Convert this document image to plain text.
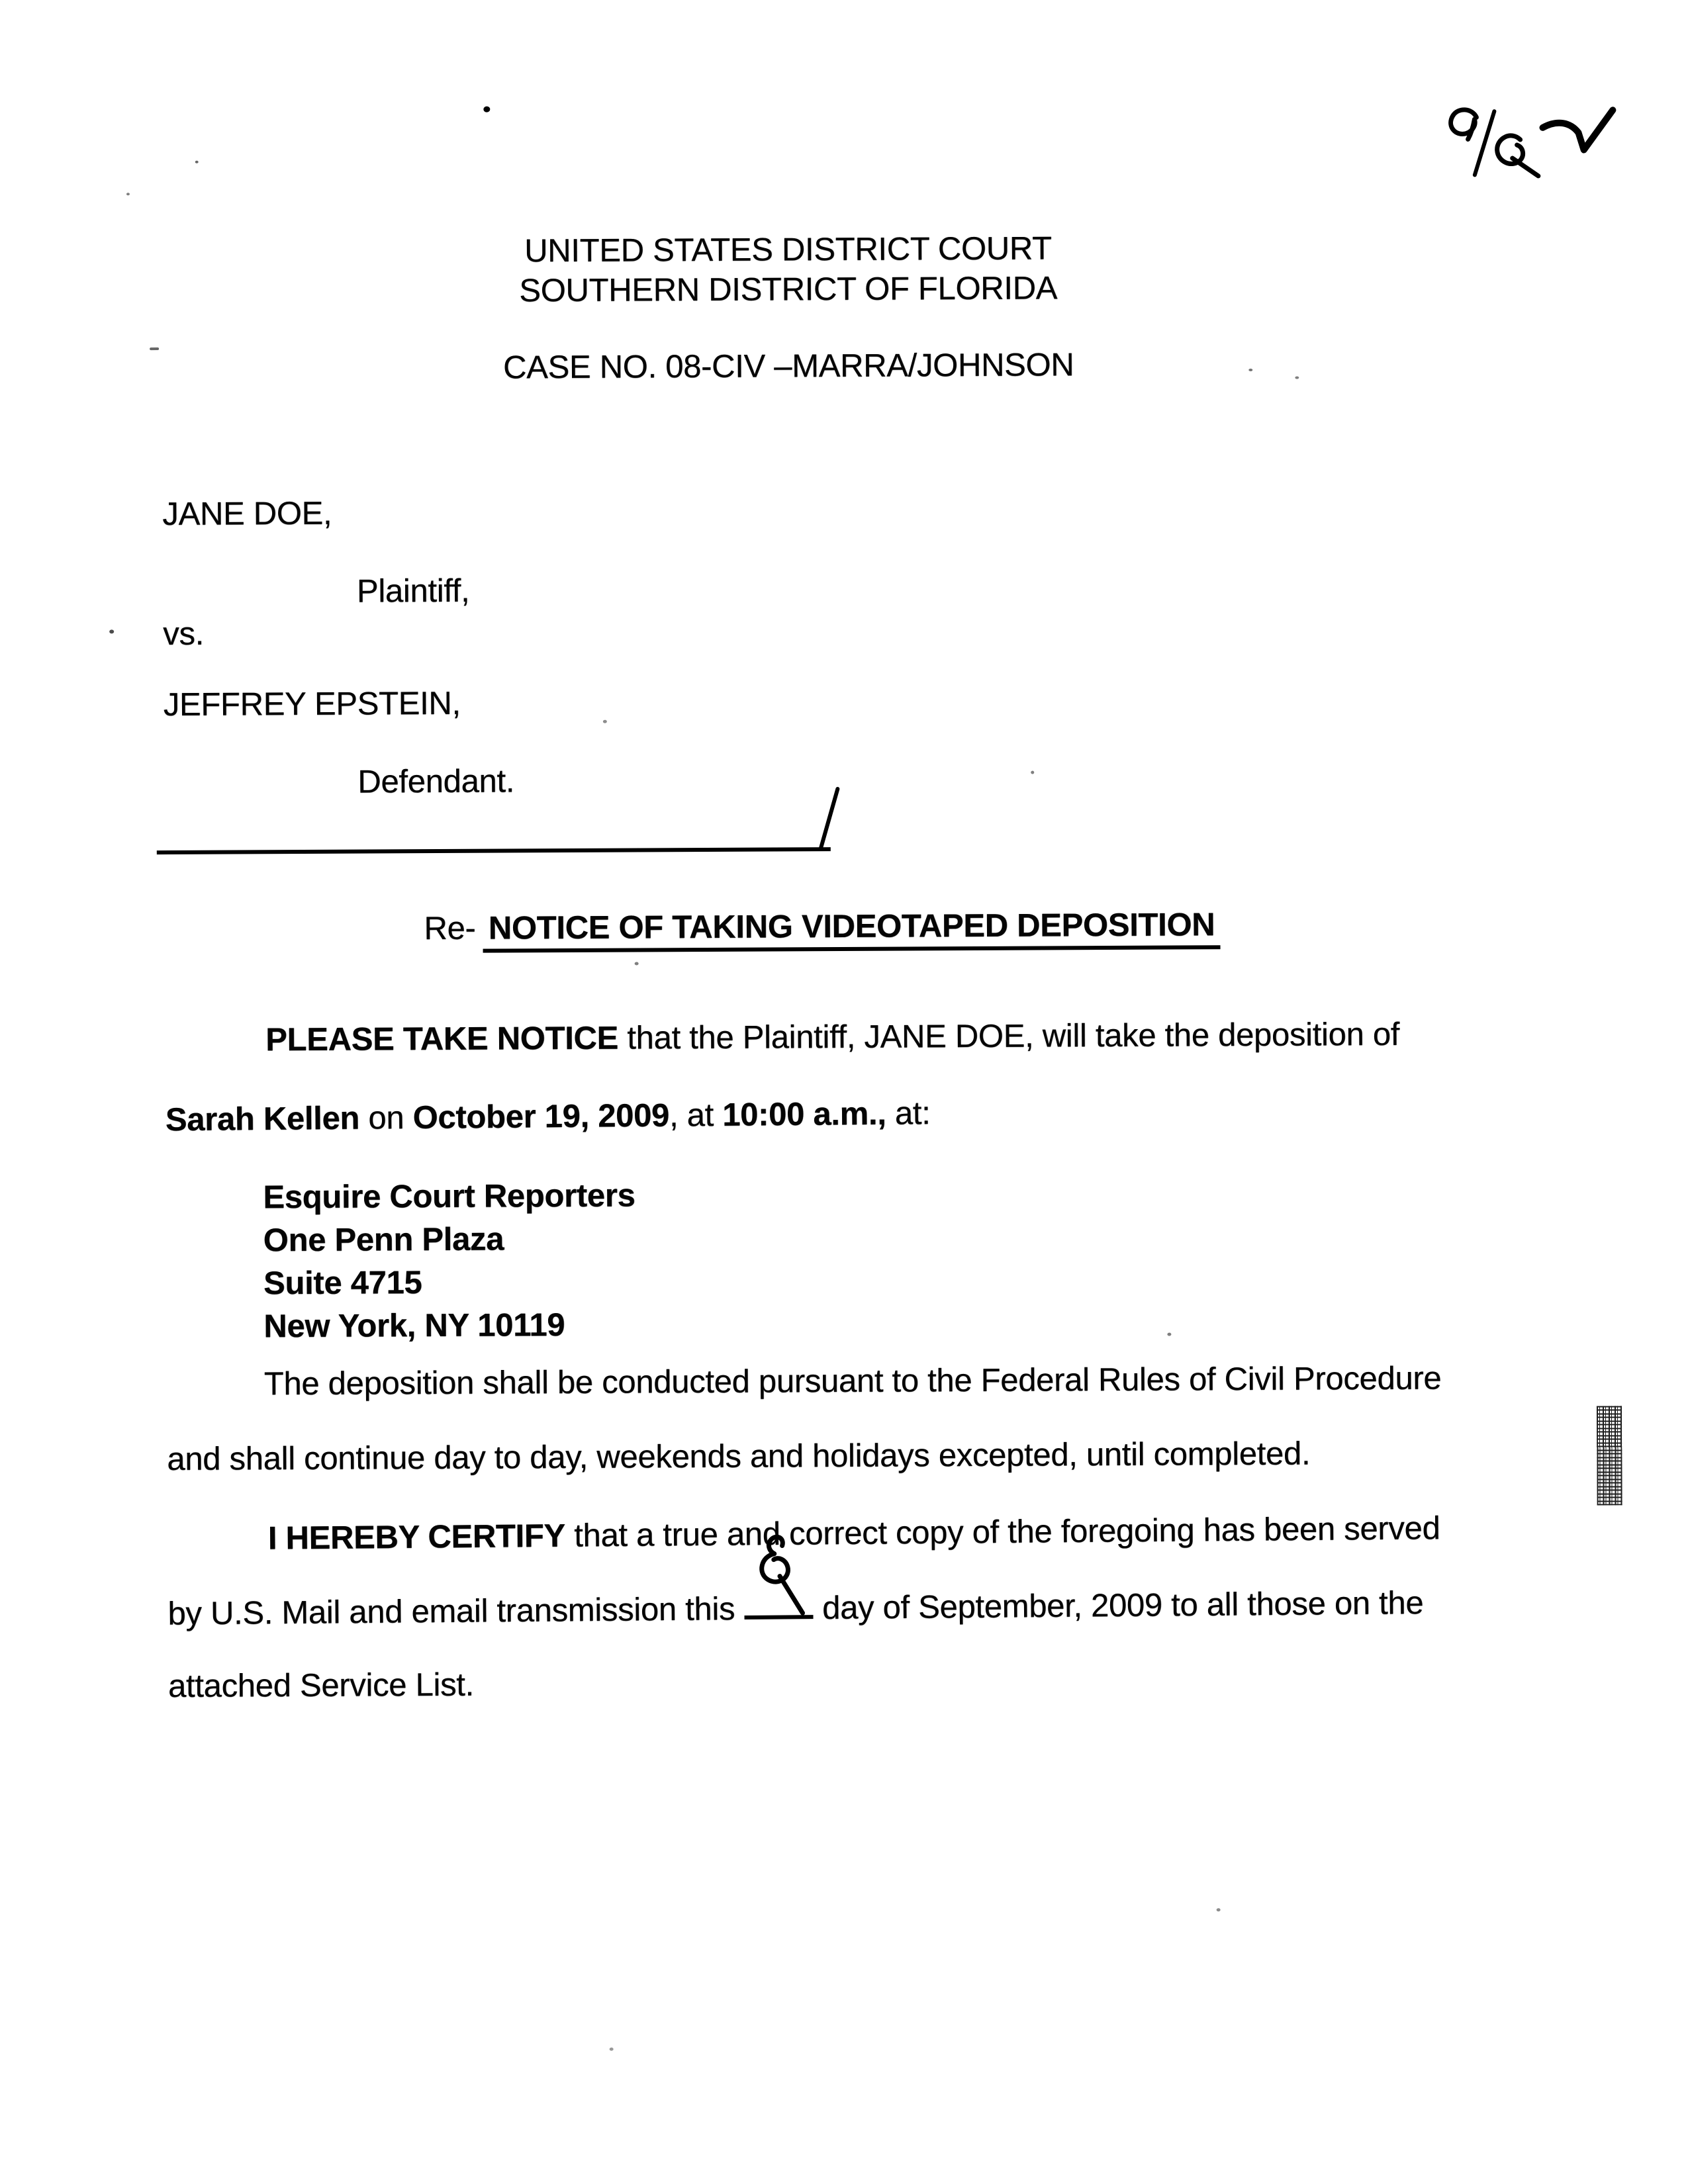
UNITED STATES DISTRICT COURT
SOUTHERN DISTRICT OF FLORIDA
CASE NO. 08-CIV –MARRA/JOHNSON
JANE DOE,
Plaintiff,
vs.
JEFFREY EPSTEIN,
Defendant.
Re- NOTICE OF TAKING VIDEOTAPED DEPOSITION
PLEASE TAKE NOTICE that the Plaintiff, JANE DOE, will take the deposition of
Sarah Kellen on October 19, 2009, at 10:00 a.m., at:
Esquire Court Reporters
One Penn Plaza
Suite 4715
New York, NY 10119
The deposition shall be conducted pursuant to the Federal Rules of Civil Procedure
and shall continue day to day, weekends and holidays excepted, until completed.
I HEREBY CERTIFY that a true and correct copy of the foregoing has been served
by U.S. Mail and email transmission this	day of September, 2009 to all those on the
attached Service List.
